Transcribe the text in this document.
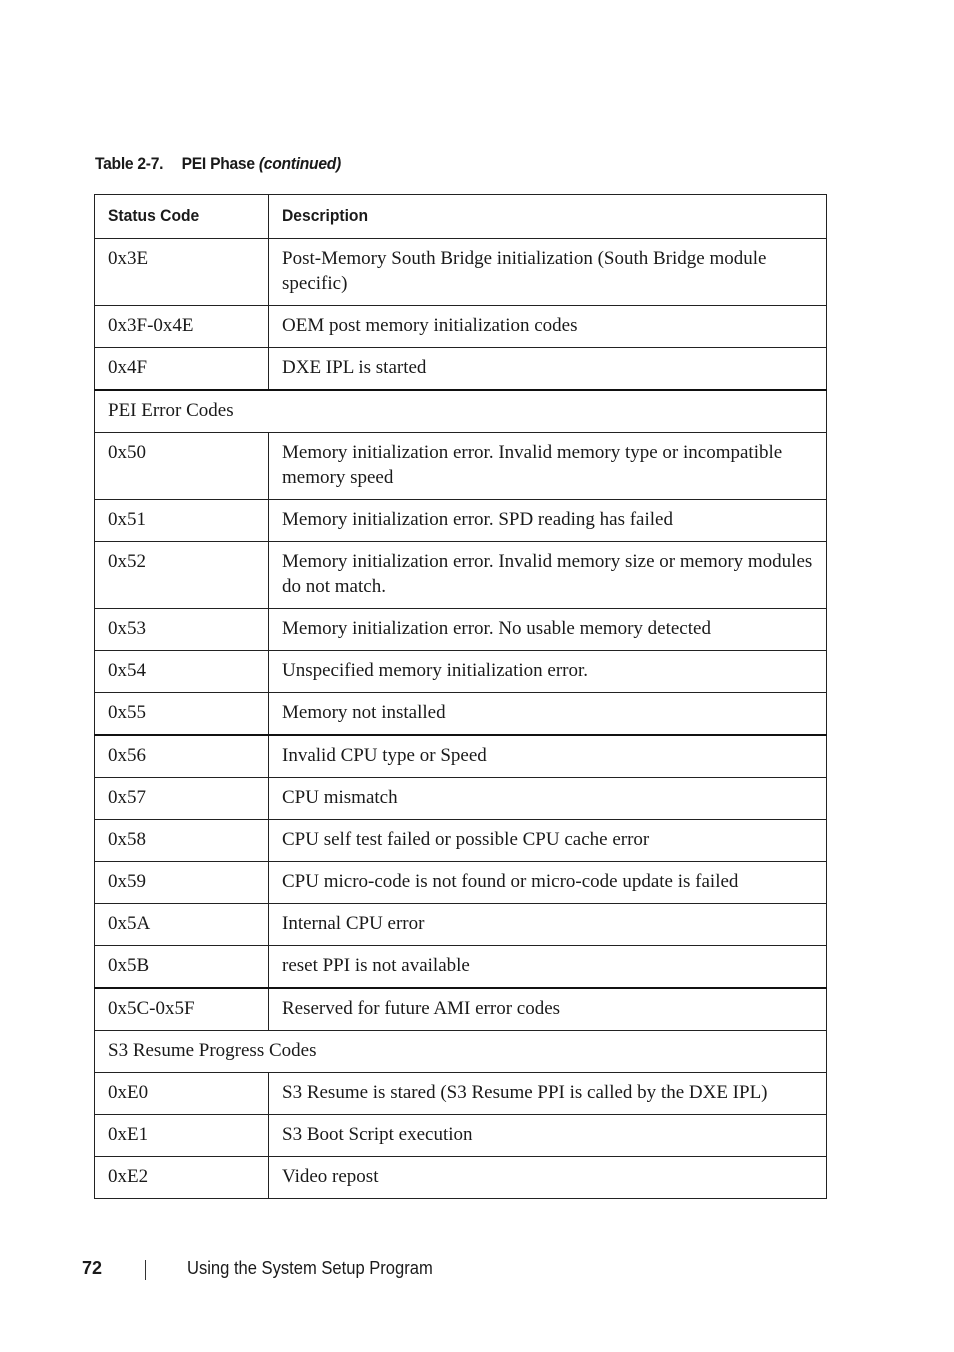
Table 2-7. PEI Phase (continued)
Status Code	Description
0x3E	Post-Memory South Bridge initialization (South Bridge module specific)
0x3F-0x4E	OEM post memory initialization codes
0x4F	DXE IPL is started
PEI Error Codes	
0x50	Memory initialization error. Invalid memory type or incompatible memory speed
0x51	Memory initialization error. SPD reading has failed
0x52	Memory initialization error. Invalid memory size or memory modules do not match.
0x53	Memory initialization error. No usable memory detected
0x54	Unspecified memory initialization error.
0x55	Memory not installed
0x56	Invalid CPU type or Speed
0x57	CPU mismatch
0x58	CPU self test failed or possible CPU cache error
0x59	CPU micro-code is not found or micro-code update is failed
0x5A	Internal CPU error
0x5B	reset PPI is not available
0x5C-0x5F	Reserved for future AMI error codes
S3 Resume Progress Codes	
0xE0	S3 Resume is stared (S3 Resume PPI is called by the DXE IPL)
0xE1	S3 Boot Script execution
0xE2	Video repost
72	Using the System Setup Program
